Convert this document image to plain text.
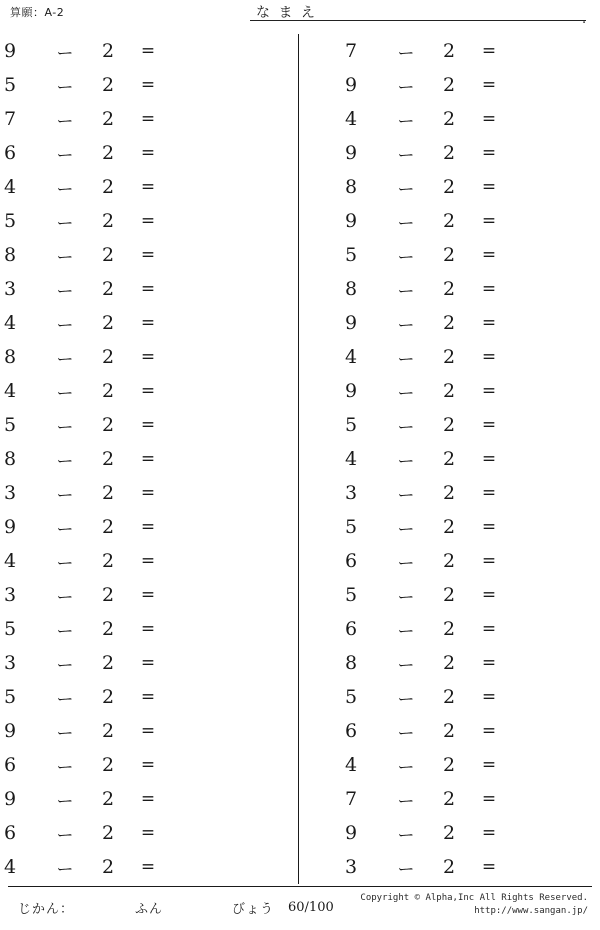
算願：A-2	な ま え	.
9	ー	2	=
5	ー	2	=
7	ー	2	=
6	ー	2	=
4	ー	2	=
5	ー	2	=
8	ー	2	=
3	ー	2	=
4	ー	2	=
8	ー	2	=
4	ー	2	=
5	ー	2	=
8	ー	2	=
3	ー	2	=
9	ー	2	=
4	ー	2	=
3	ー	2	=
5	ー	2	=
3	ー	2	=
5	ー	2	=
9	ー	2	=
6	ー	2	=
9	ー	2	=
6	ー	2	=
4	ー	2	=
7	ー	2	=
9	ー	2	=
4	ー	2	=
9	ー	2	=
8	ー	2	=
9	ー	2	=
5	ー	2	=
8	ー	2	=
9	ー	2	=
4	ー	2	=
9	ー	2	=
5	ー	2	=
4	ー	2	=
3	ー	2	=
5	ー	2	=
6	ー	2	=
5	ー	2	=
6	ー	2	=
8	ー	2	=
5	ー	2	=
6	ー	2	=
4	ー	2	=
7	ー	2	=
9	ー	2	=
3	ー	2	=
じかん：	ふん	びょう 60/100
Copyright © Alpha,Inc All Rights Reserved.
http://www.sangan.jp/
